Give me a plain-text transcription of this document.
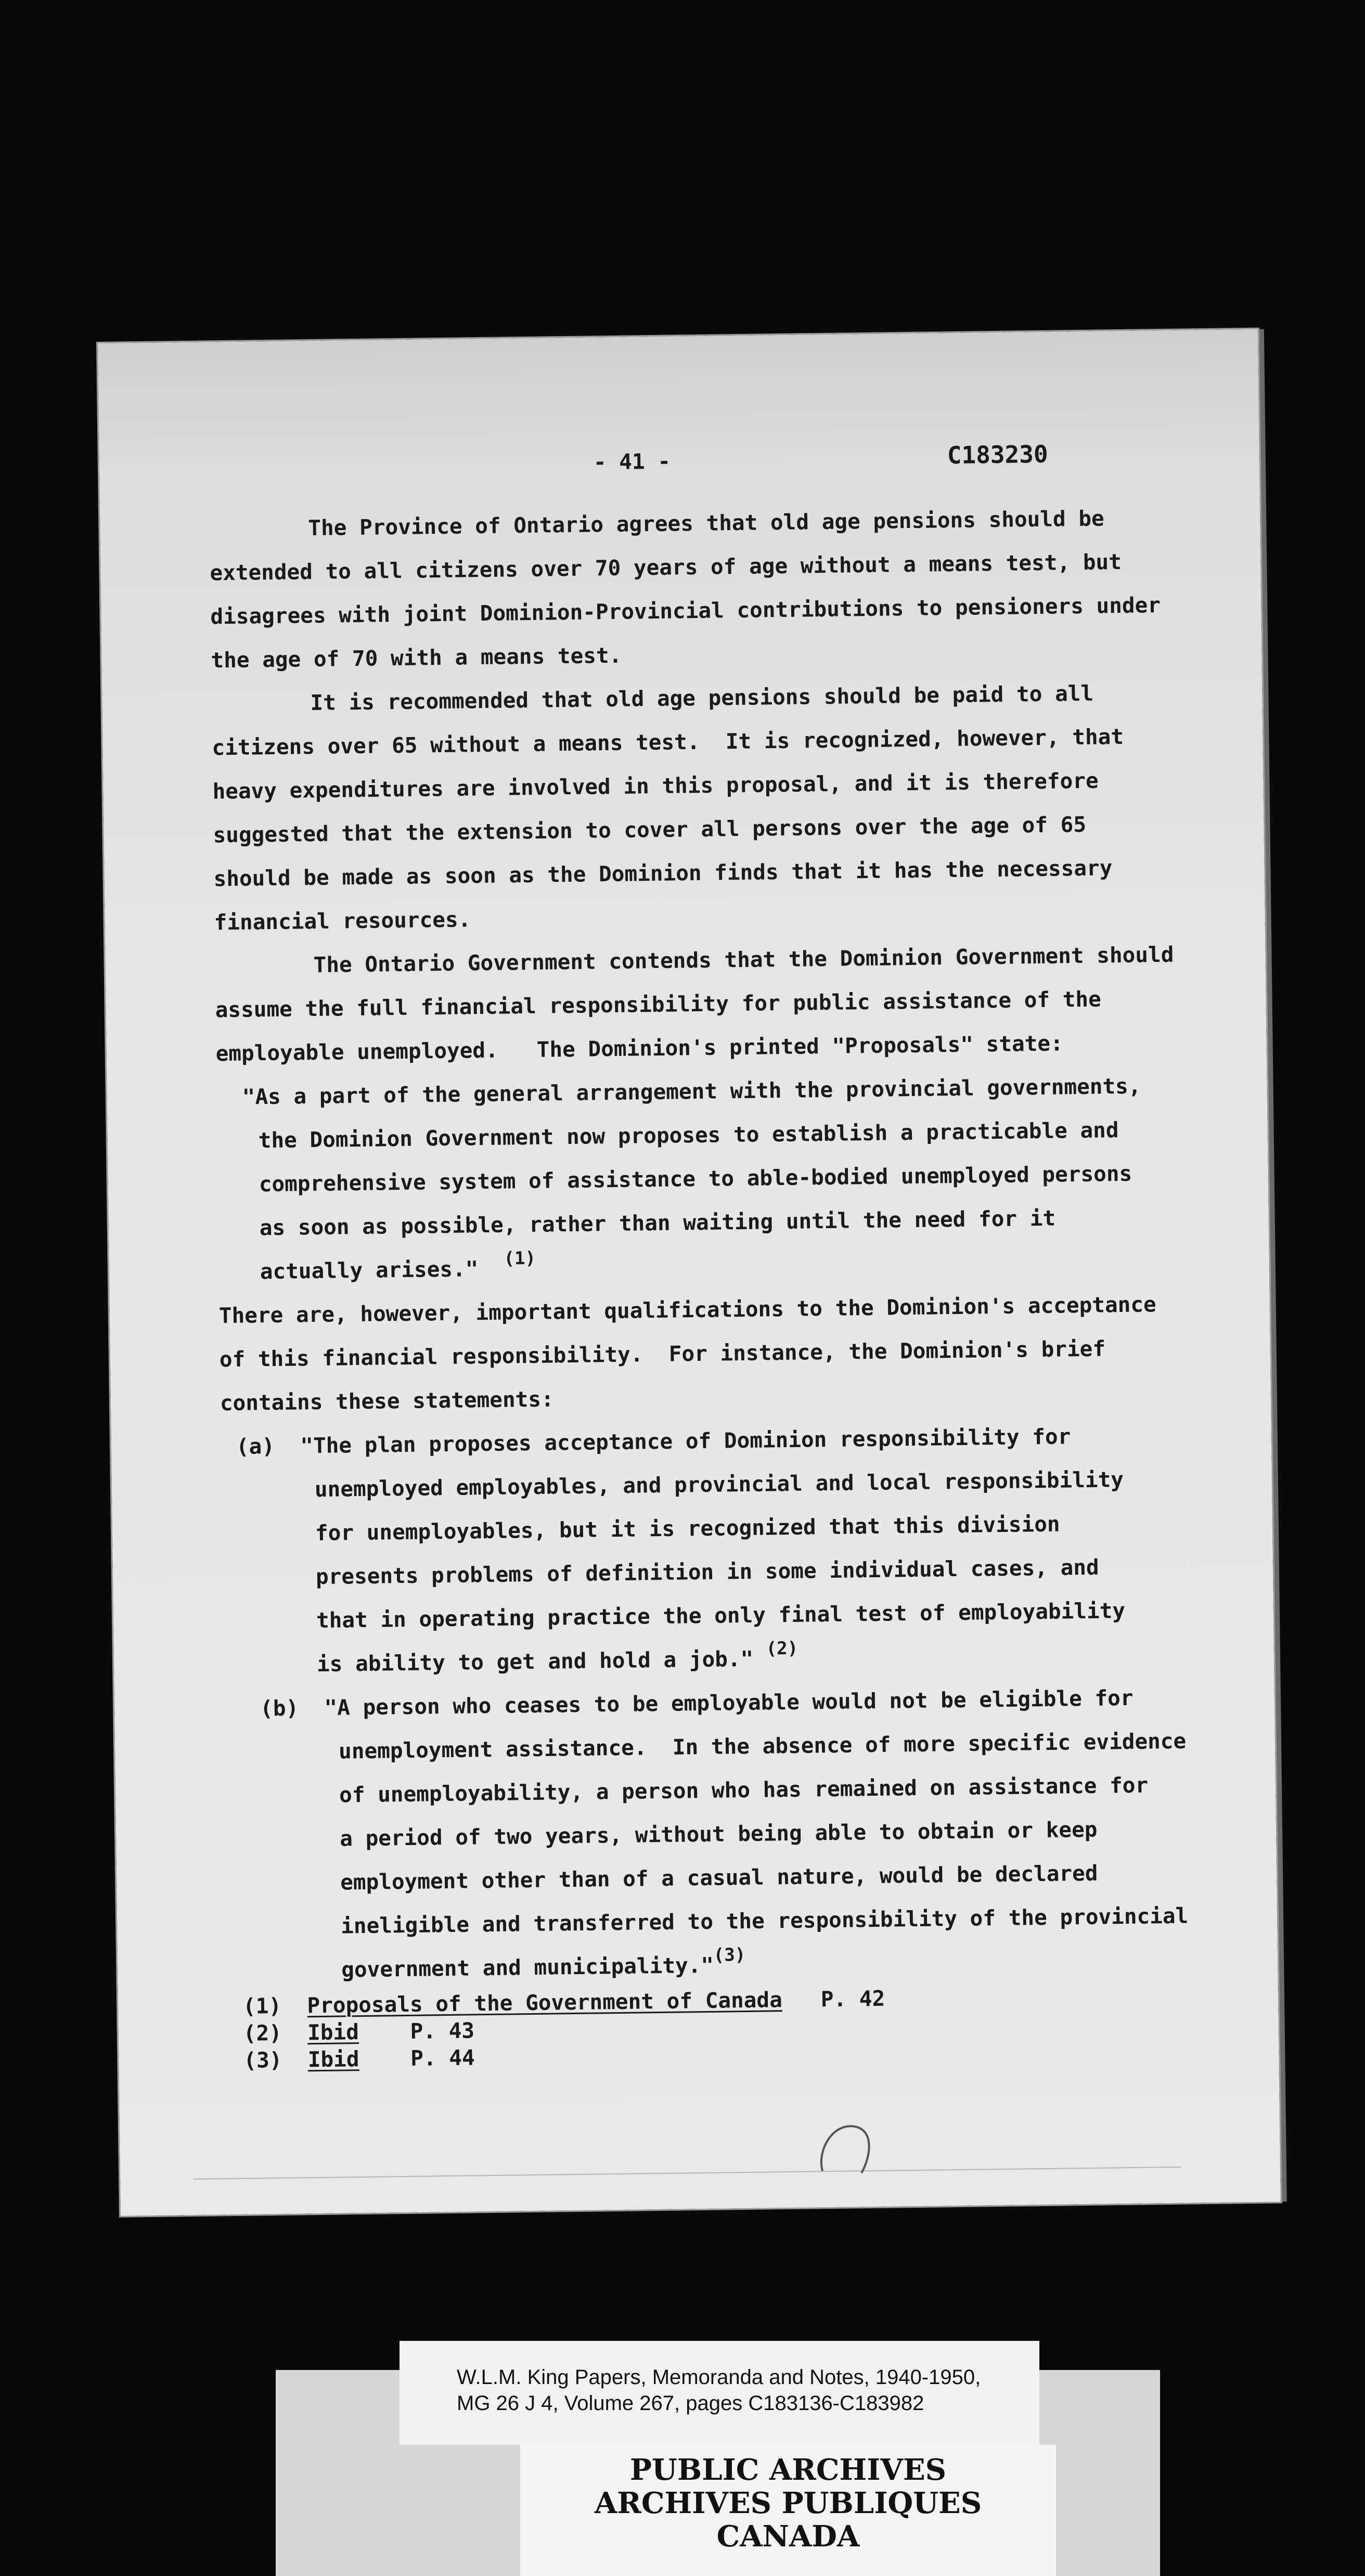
- 41 -	C183230
The Province of Ontario agrees that old age pensions should be
extended to all citizens over 70 years of age without a means test, but
disagrees with joint Dominion-Provincial contributions to pensioners under
the age of 70 with a means test.
It is recommended that old age pensions should be paid to all
citizens over 65 without a means test.  It is recognized, however, that
heavy expenditures are involved in this proposal, and it is therefore
suggested that the extension to cover all persons over the age of 65
should be made as soon as the Dominion finds that it has the necessary
financial resources.
The Ontario Government contends that the Dominion Government should
assume the full financial responsibility for public assistance of the
employable unemployed.   The Dominion's printed "Proposals" state:
"As a part of the general arrangement with the provincial governments,
the Dominion Government now proposes to establish a practicable and
comprehensive system of assistance to able-bodied unemployed persons
as soon as possible, rather than waiting until the need for it
actually arises." $^{(1)}$
There are, however, important qualifications to the Dominion's acceptance
of this financial responsibility.  For instance, the Dominion's brief
contains these statements:
(a)  "The plan proposes acceptance of Dominion responsibility for
unemployed employables, and provincial and local responsibility
for unemployables, but it is recognized that this division
presents problems of definition in some individual cases, and
that in operating practice the only final test of employability
is ability to get and hold a job." $^{(2)}$
(b)  "A person who ceases to be employable would not be eligible for
unemployment assistance.  In the absence of more specific evidence
of unemployability, a person who has remained on assistance for
a period of two years, without being able to obtain or keep
employment other than of a casual nature, would be declared
ineligible and transferred to the responsibility of the provincial
government and municipality."$^{(3)}$
(1) Proposals of the Government of Canada P. 42
(2) Ibid P. 43
(3) Ibid P. 44
W.L.M. King Papers, Memoranda and Notes, 1940-1950,
MG 26 J 4, Volume 267, pages C183136-C183982
PUBLIC ARCHIVES
ARCHIVES PUBLIQUES
CANADA
